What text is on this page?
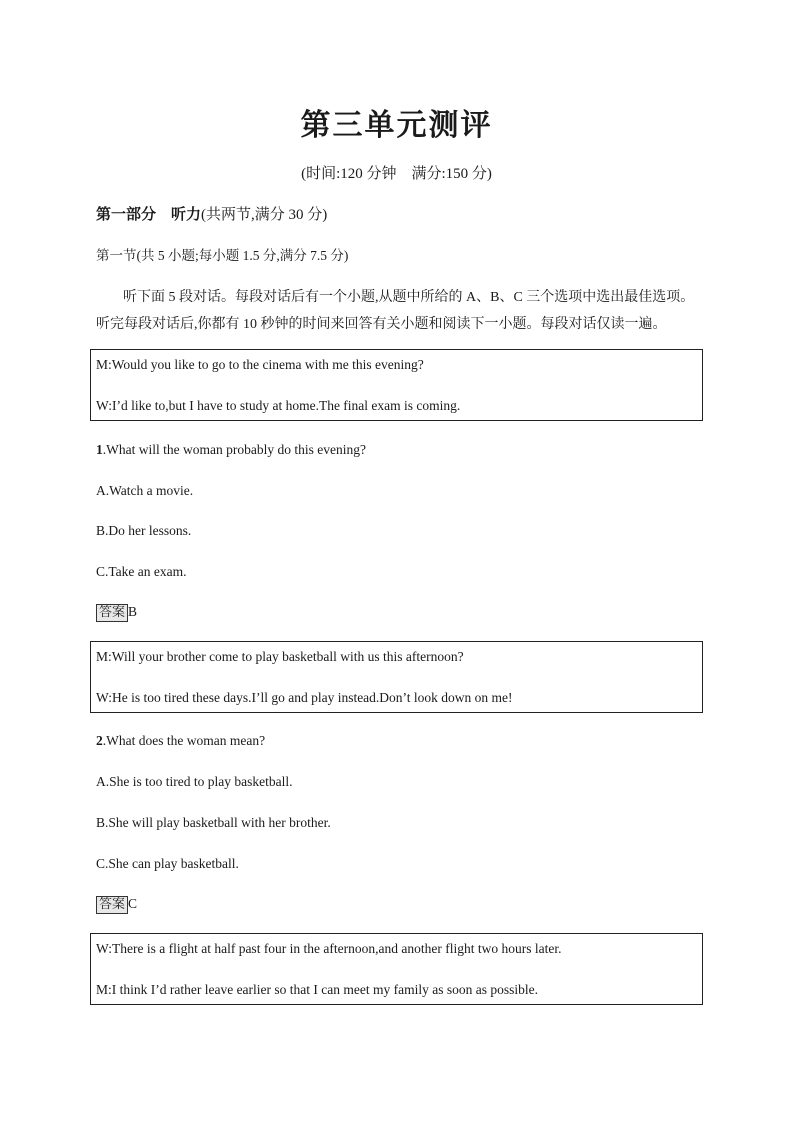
第三单元测评
(时间:120 分钟　满分:150 分)
第一部分　听力(共两节,满分 30 分)
第一节(共 5 小题;每小题 1.5 分,满分 7.5 分)
听下面 5 段对话。每段对话后有一个小题,从题中所给的 A、B、C 三个选项中选出最佳选项。
听完每段对话后,你都有 10 秒钟的时间来回答有关小题和阅读下一小题。每段对话仅读一遍。
M:Would you like to go to the cinema with me this evening?
W:I’d like to,but I have to study at home.The final exam is coming.
1.What will the woman probably do this evening?
A.Watch a movie.
B.Do her lessons.
C.Take an exam.
答案 B
M:Will your brother come to play basketball with us this afternoon?
W:He is too tired these days.I’ll go and play instead.Don’t look down on me!
2.What does the woman mean?
A.She is too tired to play basketball.
B.She will play basketball with her brother.
C.She can play basketball.
答案 C
W:There is a flight at half past four in the afternoon,and another flight two hours later.
M:I think I’d rather leave earlier so that I can meet my family as soon as possible.
